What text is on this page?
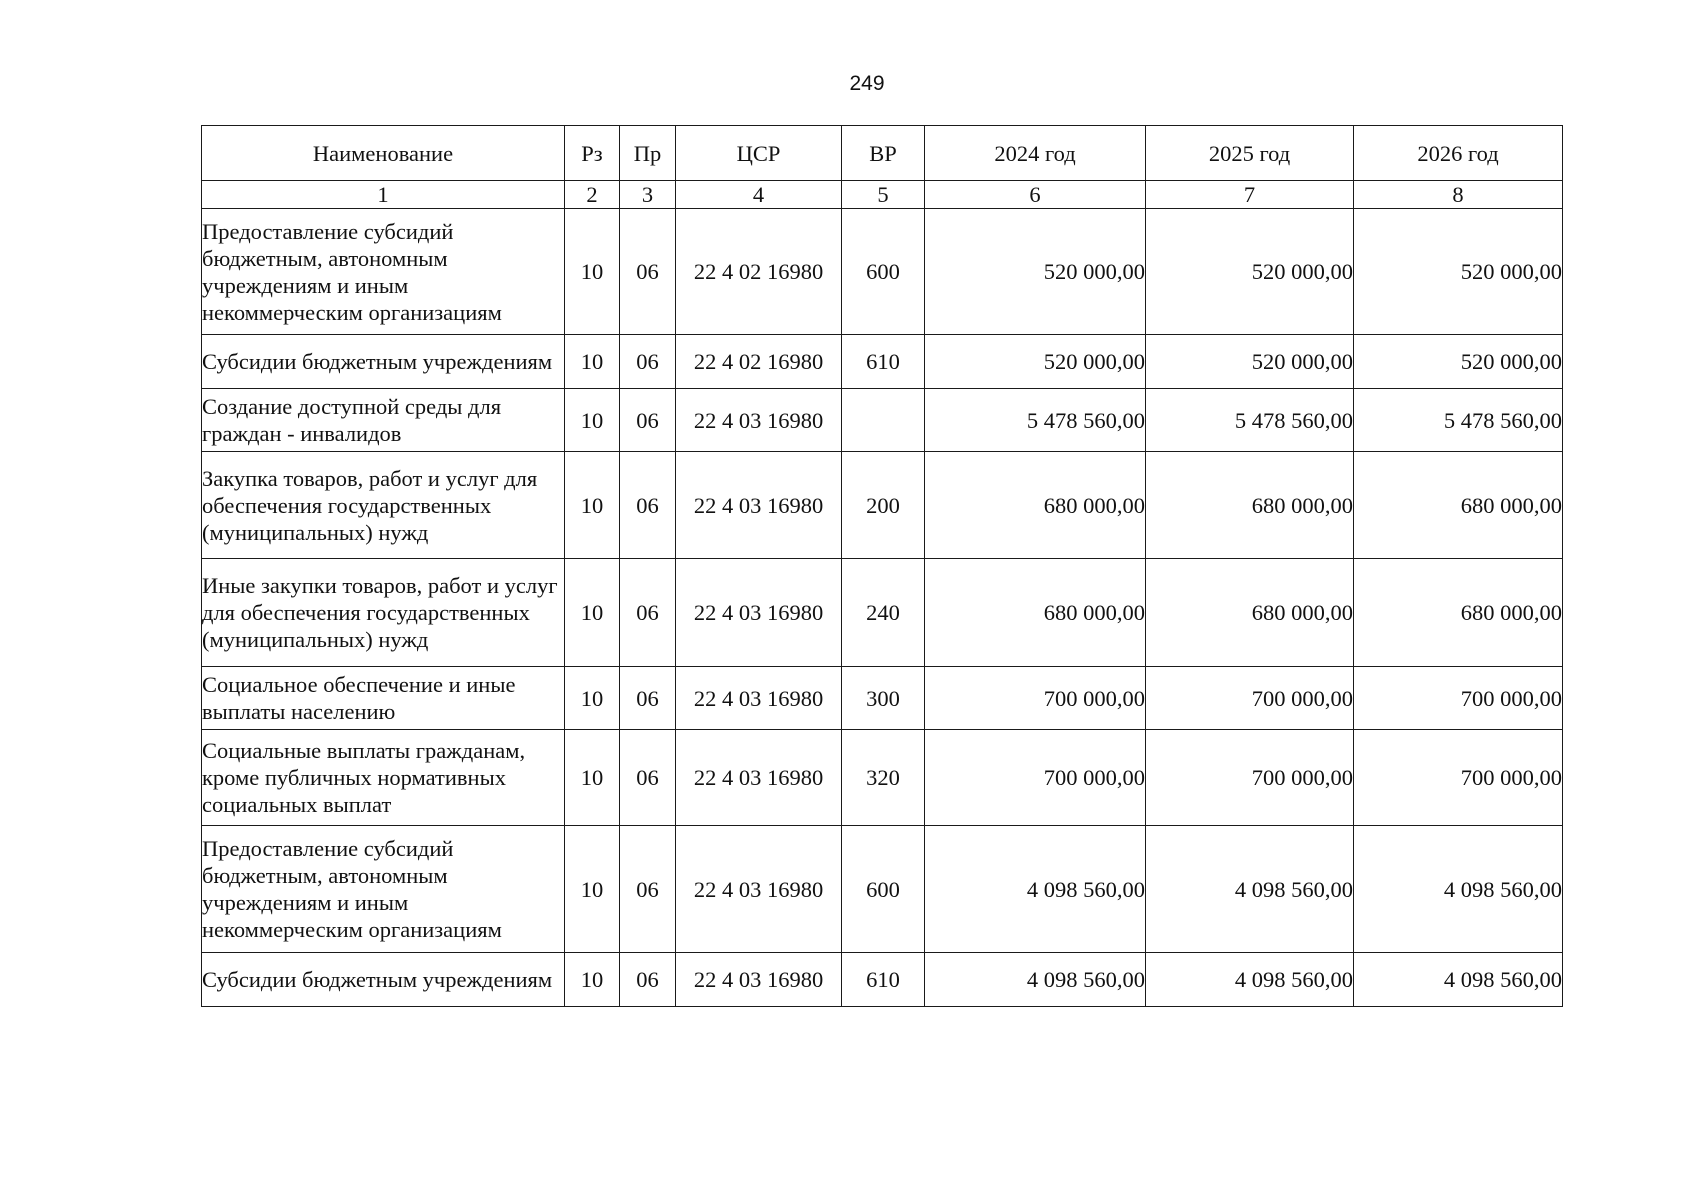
249
Наименование	Рз	Пр	ЦСР	ВР	2024 год	2025 год	2026 год
1	2	3	4	5	6	7	8
Предоставление субсидий бюджетным, автономным учреждениям и иным некоммерческим организациям	10	06	22 4 02 16980	600	520 000,00	520 000,00	520 000,00
Субсидии бюджетным учреждениям	10	06	22 4 02 16980	610	520 000,00	520 000,00	520 000,00
Создание доступной среды для граждан - инвалидов	10	06	22 4 03 16980		5 478 560,00	5 478 560,00	5 478 560,00
Закупка товаров, работ и услуг для обеспечения государственных (муниципальных) нужд	10	06	22 4 03 16980	200	680 000,00	680 000,00	680 000,00
Иные закупки товаров, работ и услуг для обеспечения государственных (муниципальных) нужд	10	06	22 4 03 16980	240	680 000,00	680 000,00	680 000,00
Социальное обеспечение и иные выплаты населению	10	06	22 4 03 16980	300	700 000,00	700 000,00	700 000,00
Социальные выплаты гражданам, кроме публичных нормативных социальных выплат	10	06	22 4 03 16980	320	700 000,00	700 000,00	700 000,00
Предоставление субсидий бюджетным, автономным учреждениям и иным некоммерческим организациям	10	06	22 4 03 16980	600	4 098 560,00	4 098 560,00	4 098 560,00
Субсидии бюджетным учреждениям	10	06	22 4 03 16980	610	4 098 560,00	4 098 560,00	4 098 560,00
